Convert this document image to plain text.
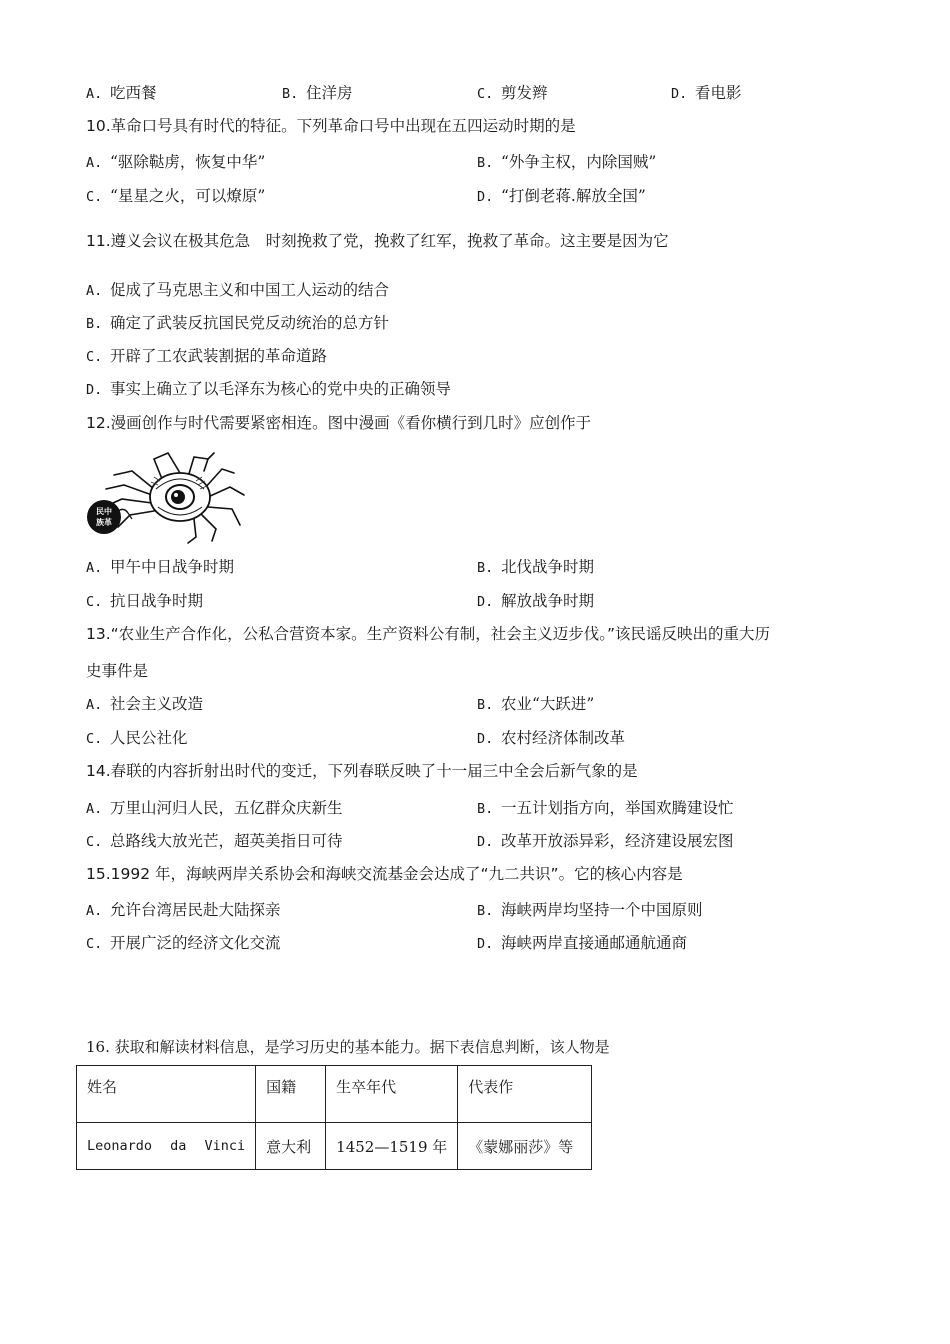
A. 吃西餐	B. 住洋房	C. 剪发辫	D. 看电影
10.革命口号具有时代的特征。下列革命口号中出现在五四运动时期的是
A. “驱除鞑虏，恢复中华”	B. “外争主权，内除国贼”
C. “星星之火，可以燎原”	D. “打倒老蒋.解放全国”
11.遵义会议在极其危急　时刻挽救了党，挽救了红军，挽救了革命。这主要是因为它
A. 促成了马克思主义和中国工人运动的结合
B. 确定了武装反抗国民党反动统治的总方针
C. 开辟了工农武装割据的革命道路
D. 事实上确立了以毛泽东为核心的党中央的正确领导
12.漫画创作与时代需要紧密相连。图中漫画《看你横行到几时》应创作于
民中
族革
A. 甲午中日战争时期	B. 北伐战争时期
C. 抗日战争时期	D. 解放战争时期
13.“农业生产合作化，公私合营资本家。生产资料公有制，社会主义迈步伐。”该民谣反映出的重大历
史事件是
A. 社会主义改造	B. 农业“大跃进”
C. 人民公社化	D. 农村经济体制改革
14.春联的内容折射出时代的变迁，下列春联反映了十一届三中全会后新气象的是
A. 万里山河归人民，五亿群众庆新生	B. 一五计划指方向，举国欢腾建设忙
C. 总路线大放光芒，超英美指日可待	D. 改革开放添异彩，经济建设展宏图
15.1992 年，海峡两岸关系协会和海峡交流基金会达成了“九二共识”。它的核心内容是
A. 允许台湾居民赴大陆探亲	B. 海峡两岸均坚持一个中国原则
C. 开展广泛的经济文化交流	D. 海峡两岸直接通邮通航通商
16. 获取和解读材料信息，是学习历史的基本能力。据下表信息判断，该人物是
姓名	国籍	生卒年代	代表作
Leonardo da Vinci	意大利	1452—1519 年	《蒙娜丽莎》等
